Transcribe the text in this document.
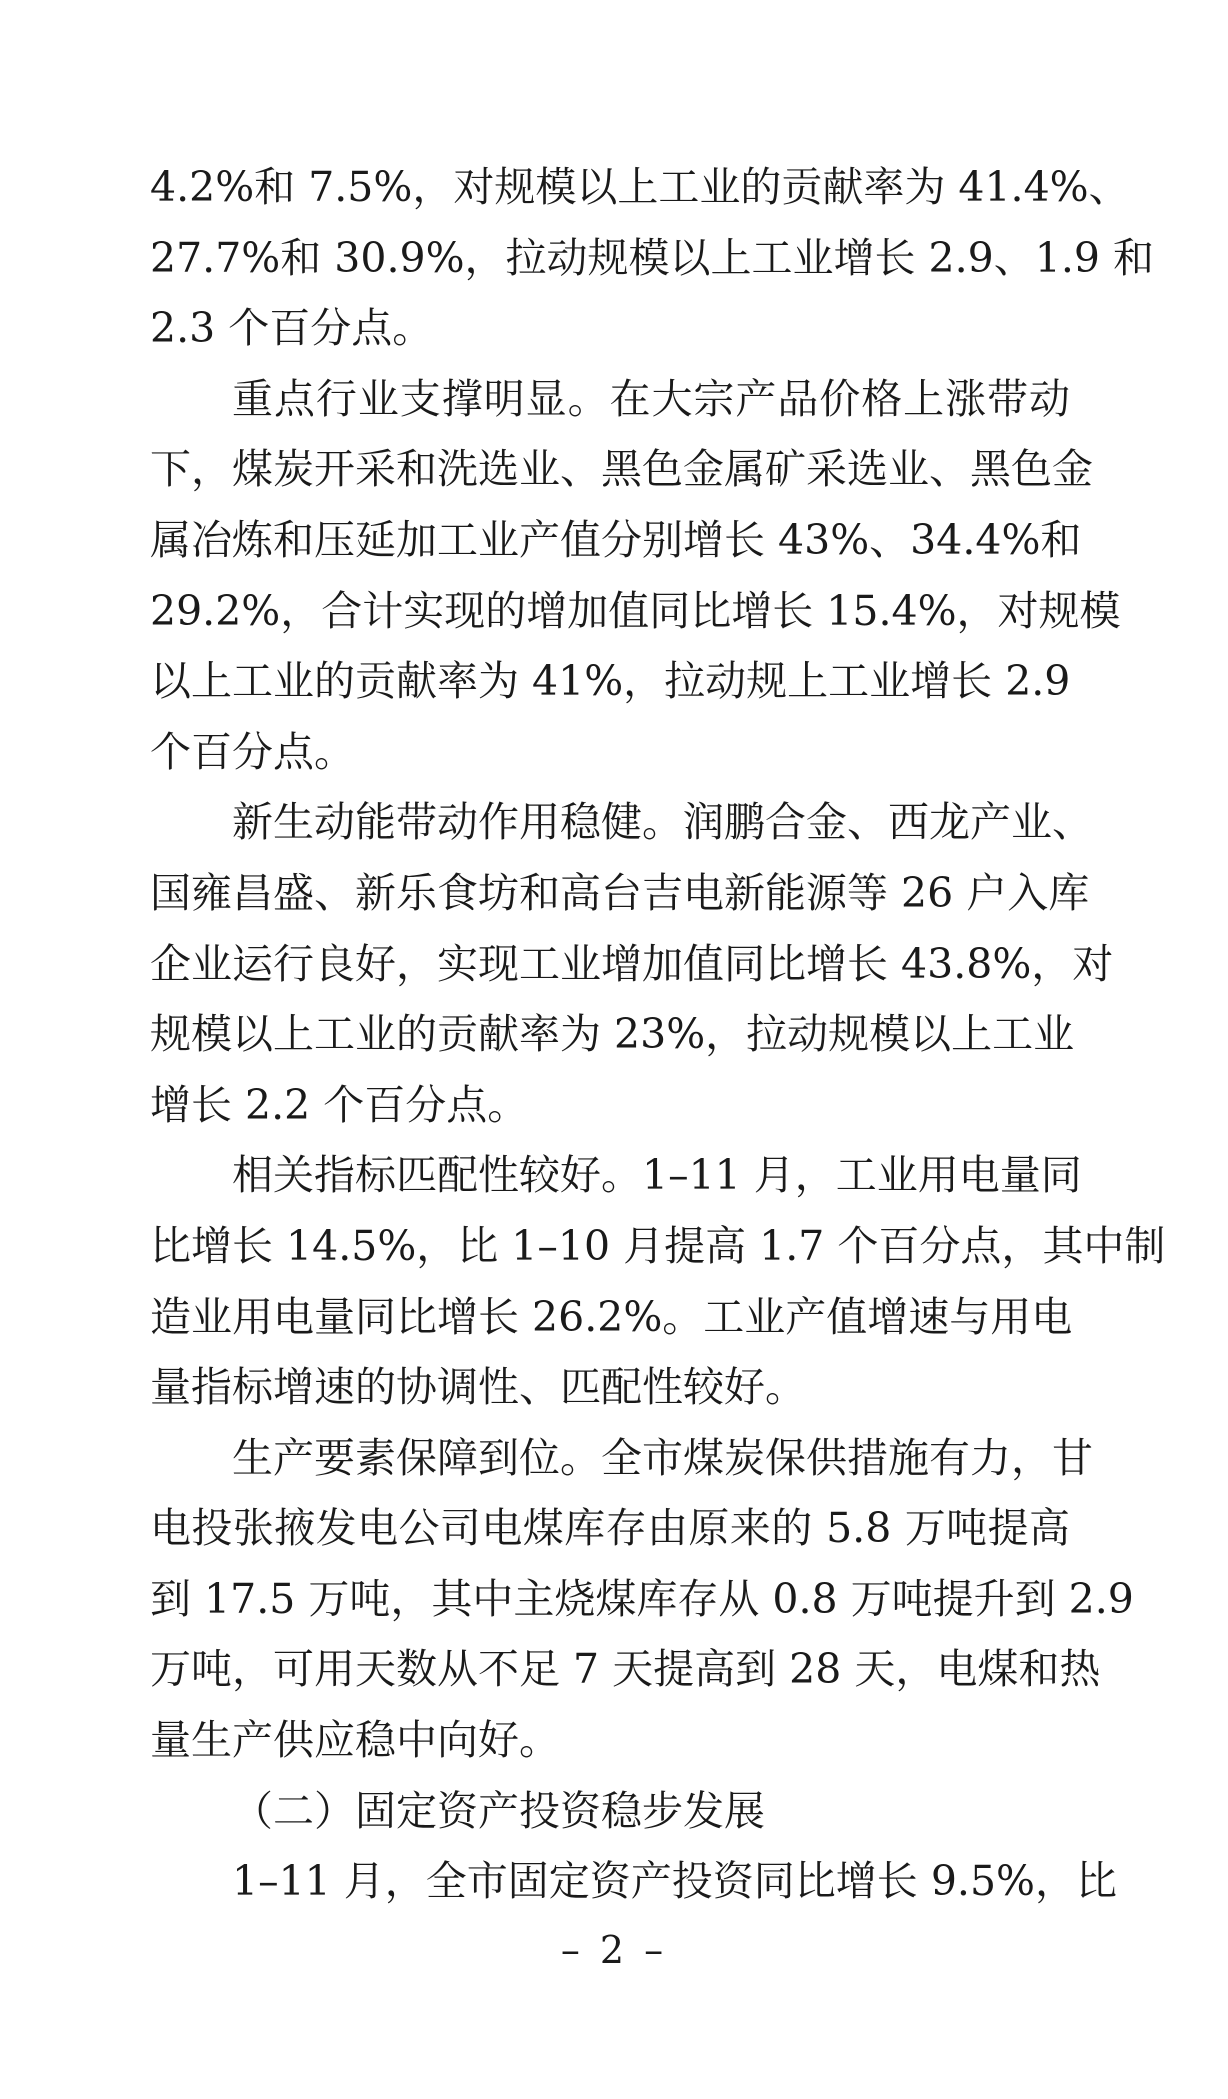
4.2%和 7.5%，对规模以上工业的贡献率为 41.4%、
27.7%和 30.9%，拉动规模以上工业增长 2.9、1.9 和
2.3 个百分点。

重点行业支撑明显。在大宗产品价格上涨带动
下，煤炭开采和洗选业、黑色金属矿采选业、黑色金
属冶炼和压延加工业产值分别增长 43%、34.4%和
29.2%，合计实现的增加值同比增长 15.4%，对规模
以上工业的贡献率为 41%，拉动规上工业增长 2.9
个百分点。

新生动能带动作用稳健。润鹏合金、西龙产业、
国雍昌盛、新乐食坊和高台吉电新能源等 26 户入库
企业运行良好，实现工业增加值同比增长 43.8%，对
规模以上工业的贡献率为 23%，拉动规模以上工业
增长 2.2 个百分点。

相关指标匹配性较好。1–11 月，工业用电量同
比增长 14.5%，比 1–10 月提高 1.7 个百分点，其中制
造业用电量同比增长 26.2%。工业产值增速与用电
量指标增速的协调性、匹配性较好。

生产要素保障到位。全市煤炭保供措施有力，甘
电投张掖发电公司电煤库存由原来的 5.8 万吨提高
到 17.5 万吨，其中主烧煤库存从 0.8 万吨提升到 2.9
万吨，可用天数从不足 7 天提高到 28 天，电煤和热
量生产供应稳中向好。

（二）固定资产投资稳步发展

1–11 月，全市固定资产投资同比增长 9.5%，比

– 2 –
